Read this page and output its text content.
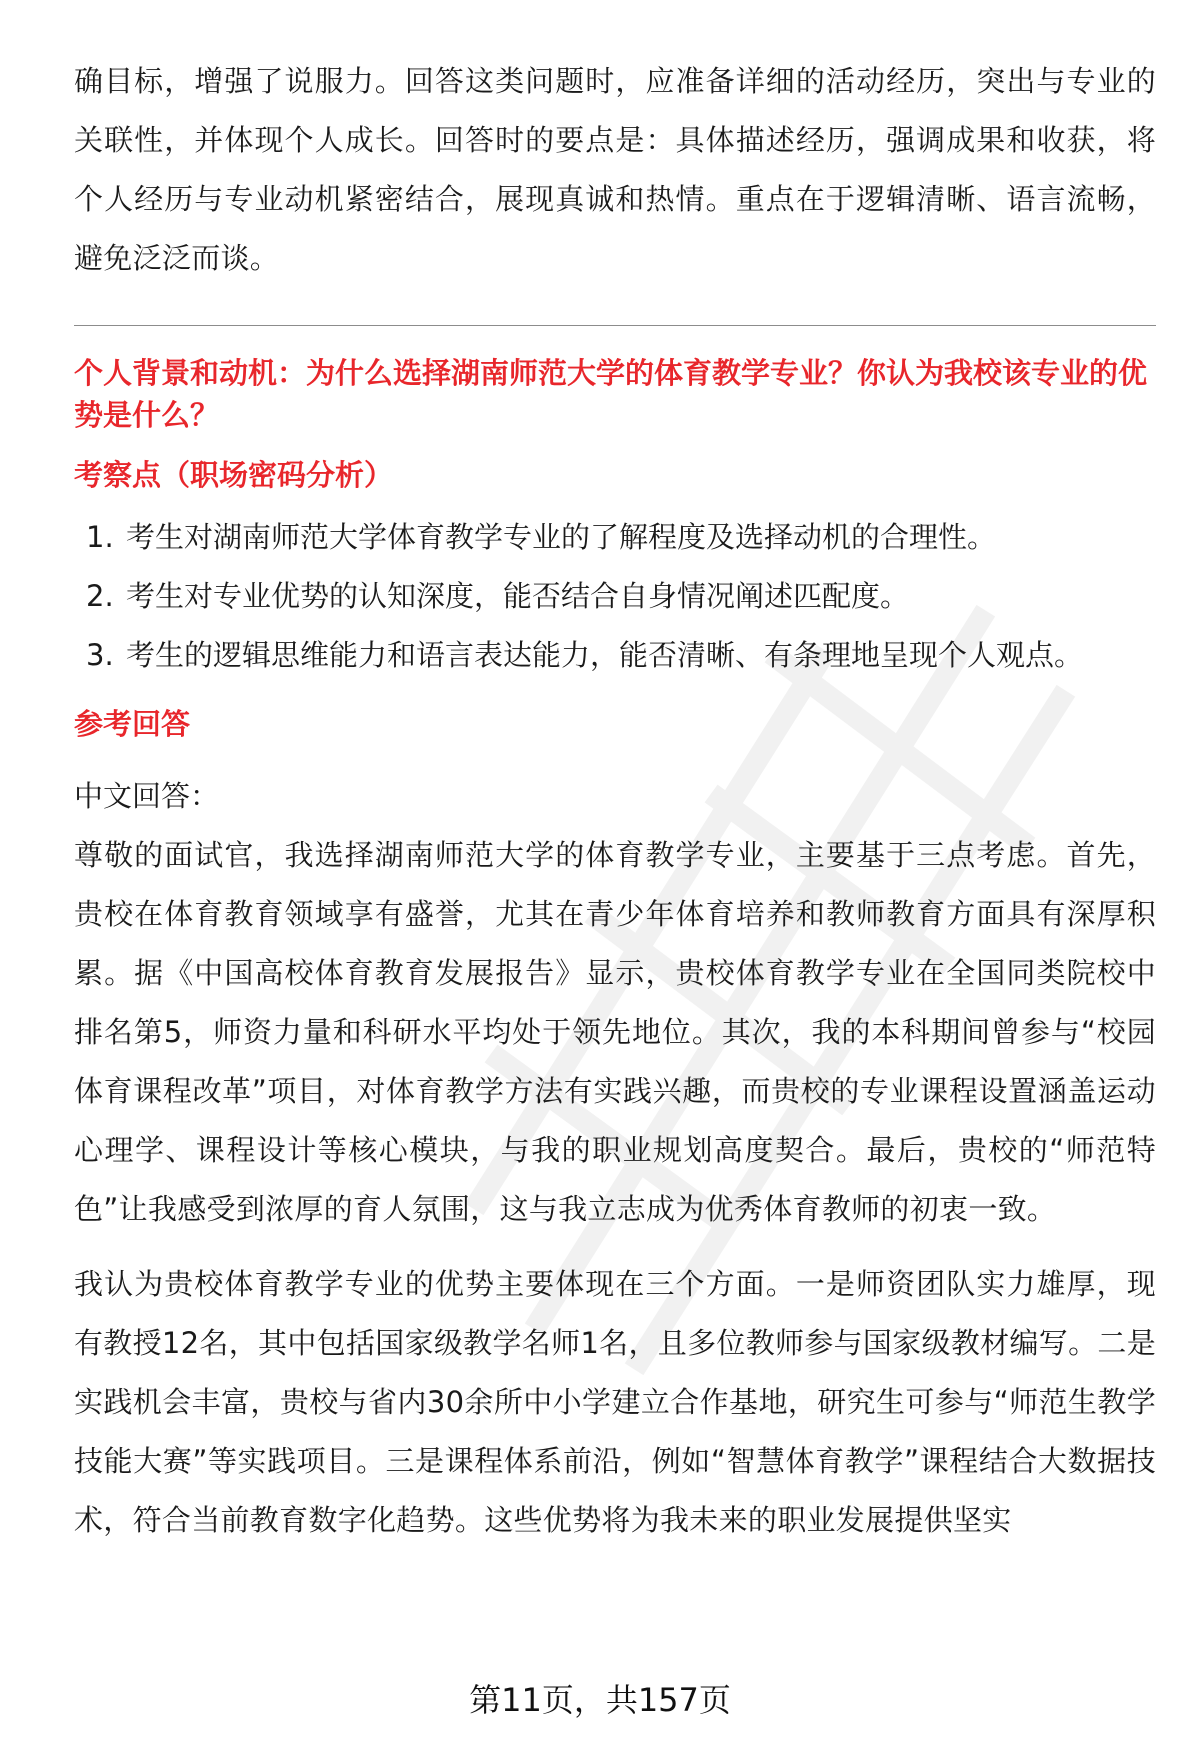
确目标，增强了说服力。回答这类问题时，应准备详细的活动经历，突出与专业的关联性，并体现个人成长。回答时的要点是：具体描述经历，强调成果和收获，将个人经历与专业动机紧密结合，展现真诚和热情。重点在于逻辑清晰、语言流畅，避免泛泛而谈。

个人背景和动机：为什么选择湖南师范大学的体育教学专业？你认为我校该专业的优势是什么？
考察点（职场密码分析）
1. 考生对湖南师范大学体育教学专业的了解程度及选择动机的合理性。
2. 考生对专业优势的认知深度，能否结合自身情况阐述匹配度。
3. 考生的逻辑思维能力和语言表达能力，能否清晰、有条理地呈现个人观点。
参考回答
中文回答：

尊敬的面试官，我选择湖南师范大学的体育教学专业，主要基于三点考虑。首先，贵校在体育教育领域享有盛誉，尤其在青少年体育培养和教师教育方面具有深厚积累。据《中国高校体育教育发展报告》显示，贵校体育教学专业在全国同类院校中排名第5，师资力量和科研水平均处于领先地位。其次，我的本科期间曾参与“校园体育课程改革”项目，对体育教学方法有实践兴趣，而贵校的专业课程设置涵盖运动心理学、课程设计等核心模块，与我的职业规划高度契合。最后，贵校的“师范特色”让我感受到浓厚的育人氛围，这与我立志成为优秀体育教师的初衷一致。

我认为贵校体育教学专业的优势主要体现在三个方面。一是师资团队实力雄厚，现有教授12名，其中包括国家级教学名师1名，且多位教师参与国家级教材编写。二是实践机会丰富，贵校与省内30余所中小学建立合作基地，研究生可参与“师范生教学技能大赛”等实践项目。三是课程体系前沿，例如“智慧体育教学”课程结合大数据技术，符合当前教育数字化趋势。这些优势将为我未来的职业发展提供坚实

第11页，共157页
